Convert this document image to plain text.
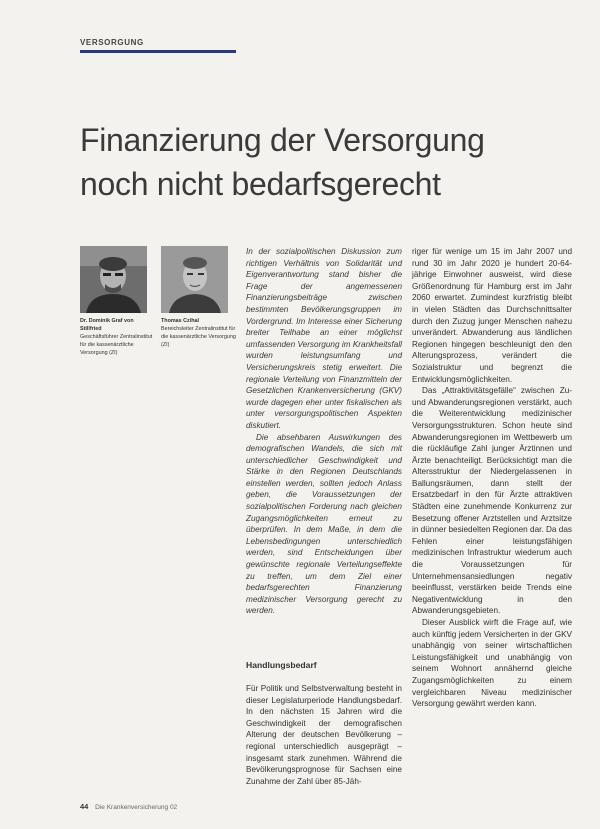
VERSORGUNG
Finanzierung der Versorgung noch nicht bedarfsgerecht
Dr. Dominik Graf von Stillfried
Geschäftsführer Zentralinstitut für die kassenärztliche Versorgung (ZI)
Thomas Czihal
Bereichsleiter Zentralinstitut für die kassenärztliche Versorgung (ZI)

In der sozialpolitischen Diskussion zum richtigen Verhältnis von Solidarität und Eigenverantwortung stand bisher die Frage der angemessenen Finanzierungsbeiträge zwischen bestimmten Bevölkerungsgruppen im Vordergrund. Im Interesse einer Sicherung breiter Teilhabe an einer möglichst umfassenden Versorgung im Krankheitsfall wurden leistungsumfang und Versicherungskreis stetig erweitert. Die regionale Verteilung von Finanzmitteln der Gesetzlichen Krankenversicherung (GKV) wurde dagegen eher unter fiskalischen als unter versorgungspolitischen Aspekten diskutiert.

Die absehbaren Auswirkungen des demografischen Wandels, die sich mit unterschiedlicher Geschwindigkeit und Stärke in den Regionen Deutschlands einstellen werden, sollten jedoch Anlass geben, die Voraussetzungen der sozialpolitischen Forderung nach gleichen Zugangsmöglichkeiten erneut zu überprüfen. In dem Maße, in dem die Lebensbedingungen unterschiedlich werden, sind Entscheidungen über gewünschte regionale Verteilungseffekte zu treffen, um dem Ziel einer bedarfsgerechten Finanzierung medizinischer Versorgung gerecht zu werden.

Handlungsbedarf

Für Politik und Selbstverwaltung besteht in dieser Legislaturperiode Handlungsbedarf. In den nächsten 15 Jahren wird die Geschwindigkeit der demografischen Alterung der deutschen Bevölkerung – regional unterschiedlich ausgeprägt – insgesamt stark zunehmen. Während die Bevölkerungsprognose für Sachsen eine Zunahme der Zahl über 85-Jäh-

riger für wenige um 15 im Jahr 2007 und rund 30 im Jahr 2020 je hundert 20-64-jährige Einwohner ausweist, wird diese Größenordnung für Hamburg erst im Jahr 2060 erwartet. Zumindest kurzfristig bleibt in vielen Städten das Durchschnittsalter durch den Zuzug junger Menschen nahezu unverändert. Abwanderung aus ländlichen Regionen hingegen beschleunigt den den Alterungsprozess, verändert die Sozialstruktur und begrenzt die Entwicklungsmöglichkeiten.

Das „Attraktivitätsgefälle“ zwischen Zu- und Abwanderungsregionen verstärkt, auch die Weiterentwicklung medizinischer Versorgungsstrukturen. Schon heute sind Abwanderungsregionen im Wettbewerb um die rückläufige Zahl junger Ärztinnen und Ärzte benachteiligt. Berücksichtigt man die Altersstruktur der Niedergelassenen in Ballungsräumen, dann stellt der Ersatzbedarf in den für Ärzte attraktiven Städten eine zunehmende Konkurrenz zur Besetzung offener Arztstellen und Arztsitze in dünner besiedelten Regionen dar. Da das Fehlen einer leistungsfähigen medizinischen Infrastruktur wiederum auch die Voraussetzungen für Unternehmensansiedlungen negativ beeinflusst, verstärken beide Trends eine Negativentwicklung in den Abwanderungsgebieten.

Dieser Ausblick wirft die Frage auf, wie auch künftig jedem Versicherten in der GKV unabhängig von seiner wirtschaftlichen Leistungsfähigkeit und unabhängig von seinem Wohnort annähernd gleiche Zugangsmöglichkeiten zu einem vergleichbaren Niveau medizinischer Versorgung gewährt werden kann.

44 Die Krankenversicherung 02
